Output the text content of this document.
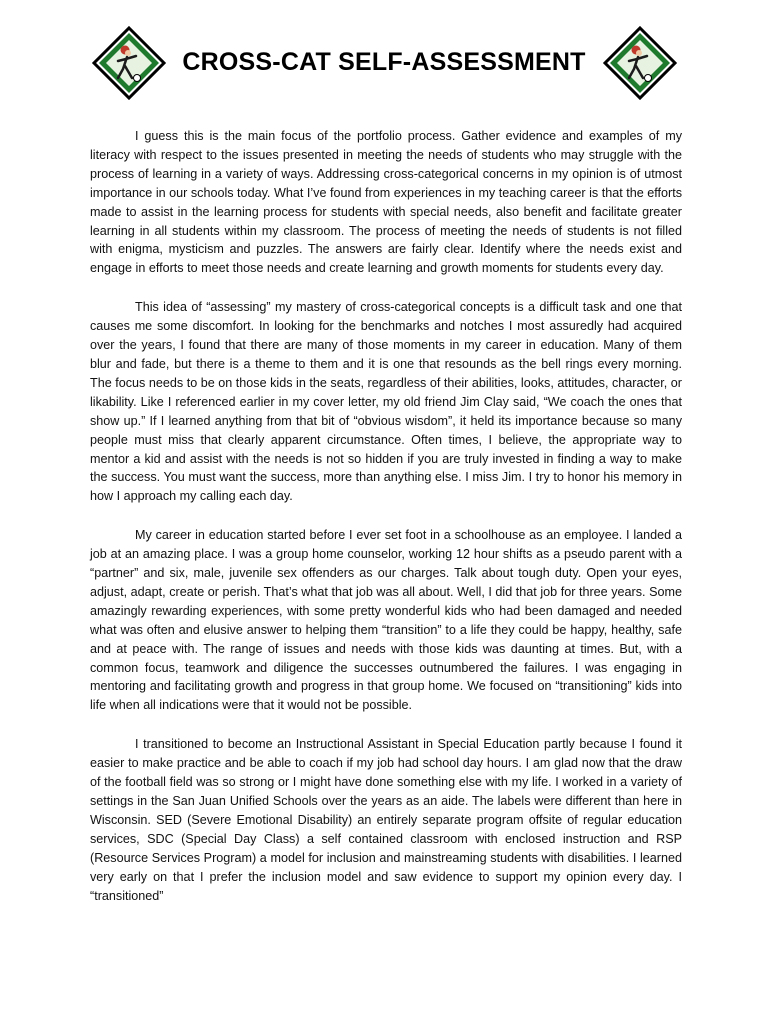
CROSS-CAT SELF-ASSESSMENT

I guess this is the main focus of the portfolio process. Gather evidence and examples of my literacy with respect to the issues presented in meeting the needs of students who may struggle with the process of learning in a variety of ways. Addressing cross-categorical concerns in my opinion is of utmost importance in our schools today. What I’ve found from experiences in my teaching career is that the efforts made to assist in the learning process for students with special needs, also benefit and facilitate greater learning in all students within my classroom. The process of meeting the needs of students is not filled with enigma, mysticism and puzzles. The answers are fairly clear. Identify where the needs exist and engage in efforts to meet those needs and create learning and growth moments for students every day.

This idea of “assessing” my mastery of cross-categorical concepts is a difficult task and one that causes me some discomfort. In looking for the benchmarks and notches I most assuredly had acquired over the years, I found that there are many of those moments in my career in education. Many of them blur and fade, but there is a theme to them and it is one that resounds as the bell rings every morning. The focus needs to be on those kids in the seats, regardless of their abilities, looks, attitudes, character, or likability. Like I referenced earlier in my cover letter, my old friend Jim Clay said, “We coach the ones that show up.” If I learned anything from that bit of “obvious wisdom”, it held its importance because so many people must miss that clearly apparent circumstance. Often times, I believe, the appropriate way to mentor a kid and assist with the needs is not so hidden if you are truly invested in finding a way to make the success. You must want the success, more than anything else. I miss Jim. I try to honor his memory in how I approach my calling each day.

My career in education started before I ever set foot in a schoolhouse as an employee. I landed a job at an amazing place. I was a group home counselor, working 12 hour shifts as a pseudo parent with a “partner” and six, male, juvenile sex offenders as our charges. Talk about tough duty. Open your eyes, adjust, adapt, create or perish. That’s what that job was all about. Well, I did that job for three years. Some amazingly rewarding experiences, with some pretty wonderful kids who had been damaged and needed what was often and elusive answer to helping them “transition” to a life they could be happy, healthy, safe and at peace with. The range of issues and needs with those kids was daunting at times. But, with a common focus, teamwork and diligence the successes outnumbered the failures. I was engaging in mentoring and facilitating growth and progress in that group home. We focused on “transitioning” kids into life when all indications were that it would not be possible.

I transitioned to become an Instructional Assistant in Special Education partly because I found it easier to make practice and be able to coach if my job had school day hours. I am glad now that the draw of the football field was so strong or I might have done something else with my life. I worked in a variety of settings in the San Juan Unified Schools over the years as an aide. The labels were different than here in Wisconsin. SED (Severe Emotional Disability) an entirely separate program offsite of regular education services, SDC (Special Day Class) a self contained classroom with enclosed instruction and RSP (Resource Services Program) a model for inclusion and mainstreaming students with disabilities. I learned very early on that I prefer the inclusion model and saw evidence to support my opinion every day. I “transitioned”
